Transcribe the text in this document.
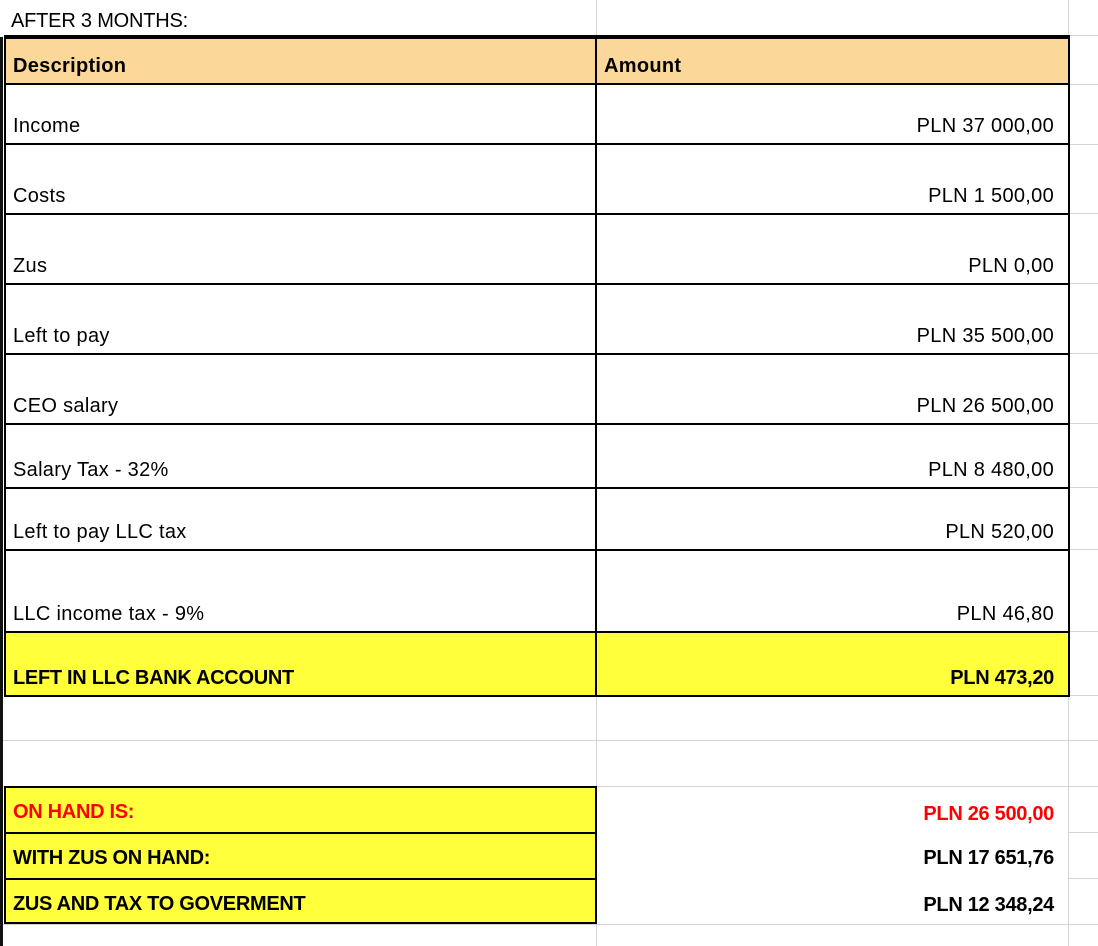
AFTER 3 MONTHS:
Description	Amount
Income	PLN 37 000,00
Costs	PLN 1 500,00
Zus	PLN 0,00
Left to pay	PLN 35 500,00
CEO salary	PLN 26 500,00
Salary Tax - 32%	PLN 8 480,00
Left to pay LLC tax	PLN 520,00
LLC income tax - 9%	PLN 46,80
LEFT IN LLC BANK ACCOUNT	PLN 473,20
ON HAND IS:	PLN 26 500,00
WITH ZUS ON HAND:	PLN 17 651,76
ZUS AND TAX TO GOVERMENT	PLN 12 348,24
